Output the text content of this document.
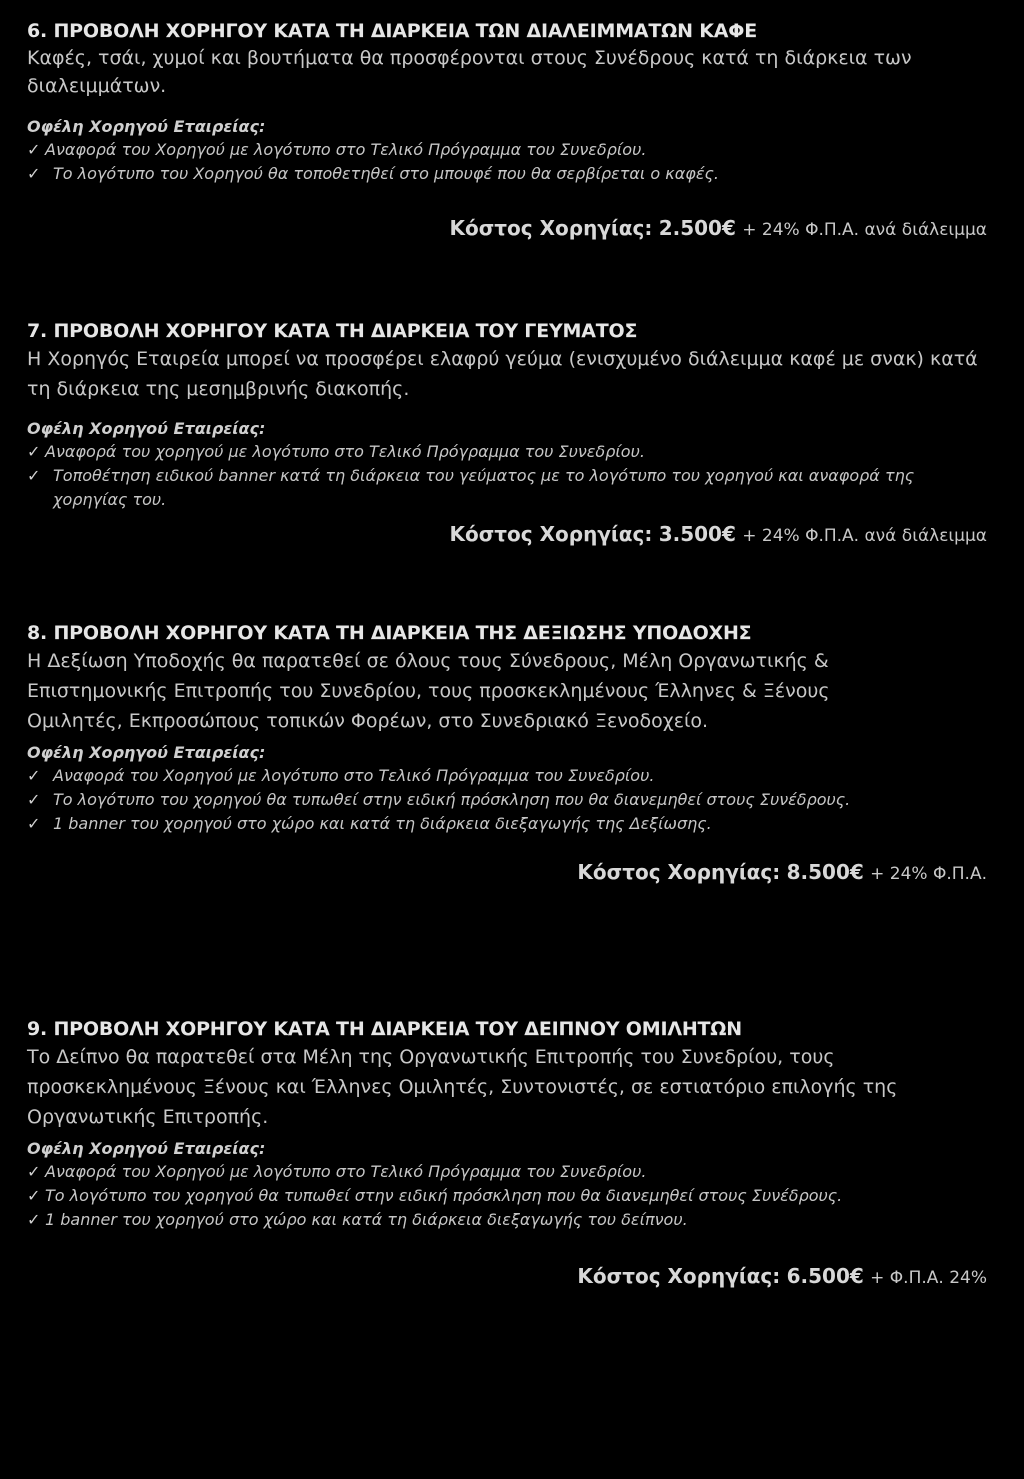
6. ΠΡΟΒΟΛΗ ΧΟΡΗΓΟΥ ΚΑΤΑ ΤΗ ΔΙΑΡΚΕΙΑ ΤΩΝ ΔΙΑΛΕΙΜΜΑΤΩΝ ΚΑΦΕ

Καφές, τσάι, χυμοί και βουτήματα θα προσφέρονται στους Συνέδρους κατά τη διάρκεια των διαλειμμάτων.

Οφέλη Χορηγού Εταιρείας:

✓ Αναφορά του Χορηγού με λογότυπο στο Τελικό Πρόγραμμα του Συνεδρίου.
✓ Το λογότυπο του Χορηγού θα τοποθετηθεί στο μπουφέ που θα σερβίρεται ο καφές.

Κόστος Χορηγίας: 2.500€ + 24% Φ.Π.Α. ανά διάλειμμα

7. ΠΡΟΒΟΛΗ ΧΟΡΗΓΟΥ ΚΑΤΑ ΤΗ ΔΙΑΡΚΕΙΑ ΤΟΥ ΓΕΥΜΑΤΟΣ

Η Χορηγός Εταιρεία μπορεί να προσφέρει ελαφρύ γεύμα (ενισχυμένο διάλειμμα καφέ με σνακ) κατά τη διάρκεια της μεσημβρινής διακοπής.

Οφέλη Χορηγού Εταιρείας:

✓ Αναφορά του χορηγού με λογότυπο στο Τελικό Πρόγραμμα του Συνεδρίου.
✓ Τοποθέτηση ειδικού banner κατά τη διάρκεια του γεύματος με το λογότυπο του χορηγού και αναφορά της χορηγίας του.

Κόστος Χορηγίας: 3.500€ + 24% Φ.Π.Α. ανά διάλειμμα

8. ΠΡΟΒΟΛΗ ΧΟΡΗΓΟΥ ΚΑΤΑ ΤΗ ΔΙΑΡΚΕΙΑ ΤΗΣ ΔΕΞΙΩΣΗΣ ΥΠΟΔΟΧΗΣ

Η Δεξίωση Υποδοχής θα παρατεθεί σε όλους τους Σύνεδρους, Μέλη Οργανωτικής & Επιστημονικής Επιτροπής του Συνεδρίου, τους προσκεκλημένους Έλληνες & Ξένους Ομιλητές, Εκπροσώπους τοπικών Φορέων, στο Συνεδριακό Ξενοδοχείο.

Οφέλη Χορηγού Εταιρείας:

✓ Αναφορά του Χορηγού με λογότυπο στο Τελικό Πρόγραμμα του Συνεδρίου.
✓ Το λογότυπο του χορηγού θα τυπωθεί στην ειδική πρόσκληση που θα διανεμηθεί στους Συνέδρους.
✓ 1 banner του χορηγού στο χώρο και κατά τη διάρκεια διεξαγωγής της Δεξίωσης.

Κόστος Χορηγίας: 8.500€ + 24% Φ.Π.Α.

9. ΠΡΟΒΟΛΗ ΧΟΡΗΓΟΥ ΚΑΤΑ ΤΗ ΔΙΑΡΚΕΙΑ ΤΟΥ ΔΕΙΠΝΟΥ ΟΜΙΛΗΤΩΝ

Το Δείπνο θα παρατεθεί στα Μέλη της Οργανωτικής Επιτροπής του Συνεδρίου, τους προσκεκλημένους Ξένους και Έλληνες Ομιλητές, Συντονιστές, σε εστιατόριο επιλογής της Οργανωτικής Επιτροπής.

Οφέλη Χορηγού Εταιρείας:

✓ Αναφορά του Χορηγού με λογότυπο στο Τελικό Πρόγραμμα του Συνεδρίου.
✓ Το λογότυπο του χορηγού θα τυπωθεί στην ειδική πρόσκληση που θα διανεμηθεί στους Συνέδρους.
✓ 1 banner του χορηγού στο χώρο και κατά τη διάρκεια διεξαγωγής του δείπνου.

Κόστος Χορηγίας: 6.500€ + Φ.Π.Α. 24%
